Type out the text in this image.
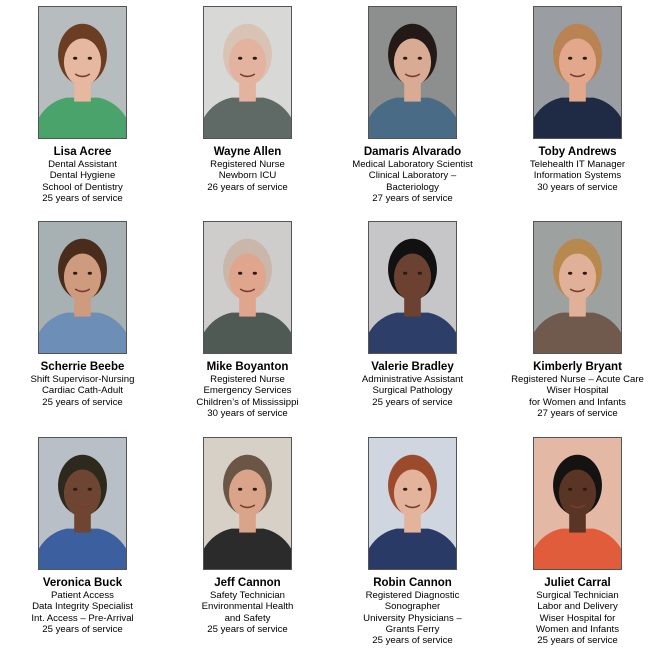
Lisa Acree
Dental Assistant
Dental Hygiene
School of Dentistry
25 years of service
Wayne Allen
Registered Nurse
Newborn ICU
26 years of service
Damaris Alvarado
Medical Laboratory Scientist
Clinical Laboratory –
Bacteriology
27 years of service
Toby Andrews
Telehealth IT Manager
Information Systems
30 years of service
Scherrie Beebe
Shift Supervisor-Nursing
Cardiac Cath-Adult
25 years of service
Mike Boyanton
Registered Nurse
Emergency Services
Children’s of Mississippi
30 years of service
Valerie Bradley
Administrative Assistant
Surgical Pathology
25 years of service
Kimberly Bryant
Registered Nurse – Acute Care
Wiser Hospital
for Women and Infants
27 years of service
Veronica Buck
Patient Access
Data Integrity Specialist
Int. Access – Pre-Arrival
25 years of service
Jeff Cannon
Safety Technician
Environmental Health
and Safety
25 years of service
Robin Cannon
Registered Diagnostic
Sonographer
University Physicians –
Grants Ferry
25 years of service
Juliet Carral
Surgical Technician
Labor and Delivery
Wiser Hospital for
Women and Infants
25 years of service
